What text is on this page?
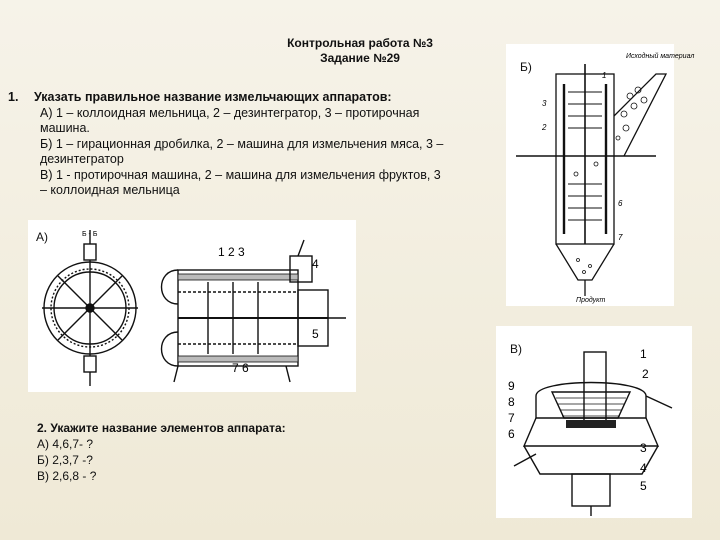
Контрольная работа №3
Задание №29
1. Указать правильное название измельчающих аппаратов:
А) 1 – коллоидная мельница, 2 – дезинтегратор, 3 – протирочная машина.
Б) 1 – гирационная дробилка, 2 – машина для измельчения мяса, 3 – дезинтегратор
В) 1 - протирочная машина, 2 – машина для измельчения фруктов, 3 – коллоидная мельница
А)	Б - Б
1 2 3
4
5
7 6
Б)
Исходный материал
3
1
2
6
7
Продукт
В)
9
8
7
6
1
2
3
4
5
2. Укажите название элементов аппарата:
А) 4,6,7- ?
Б) 2,3,7 -?
В) 2,6,8 - ?
